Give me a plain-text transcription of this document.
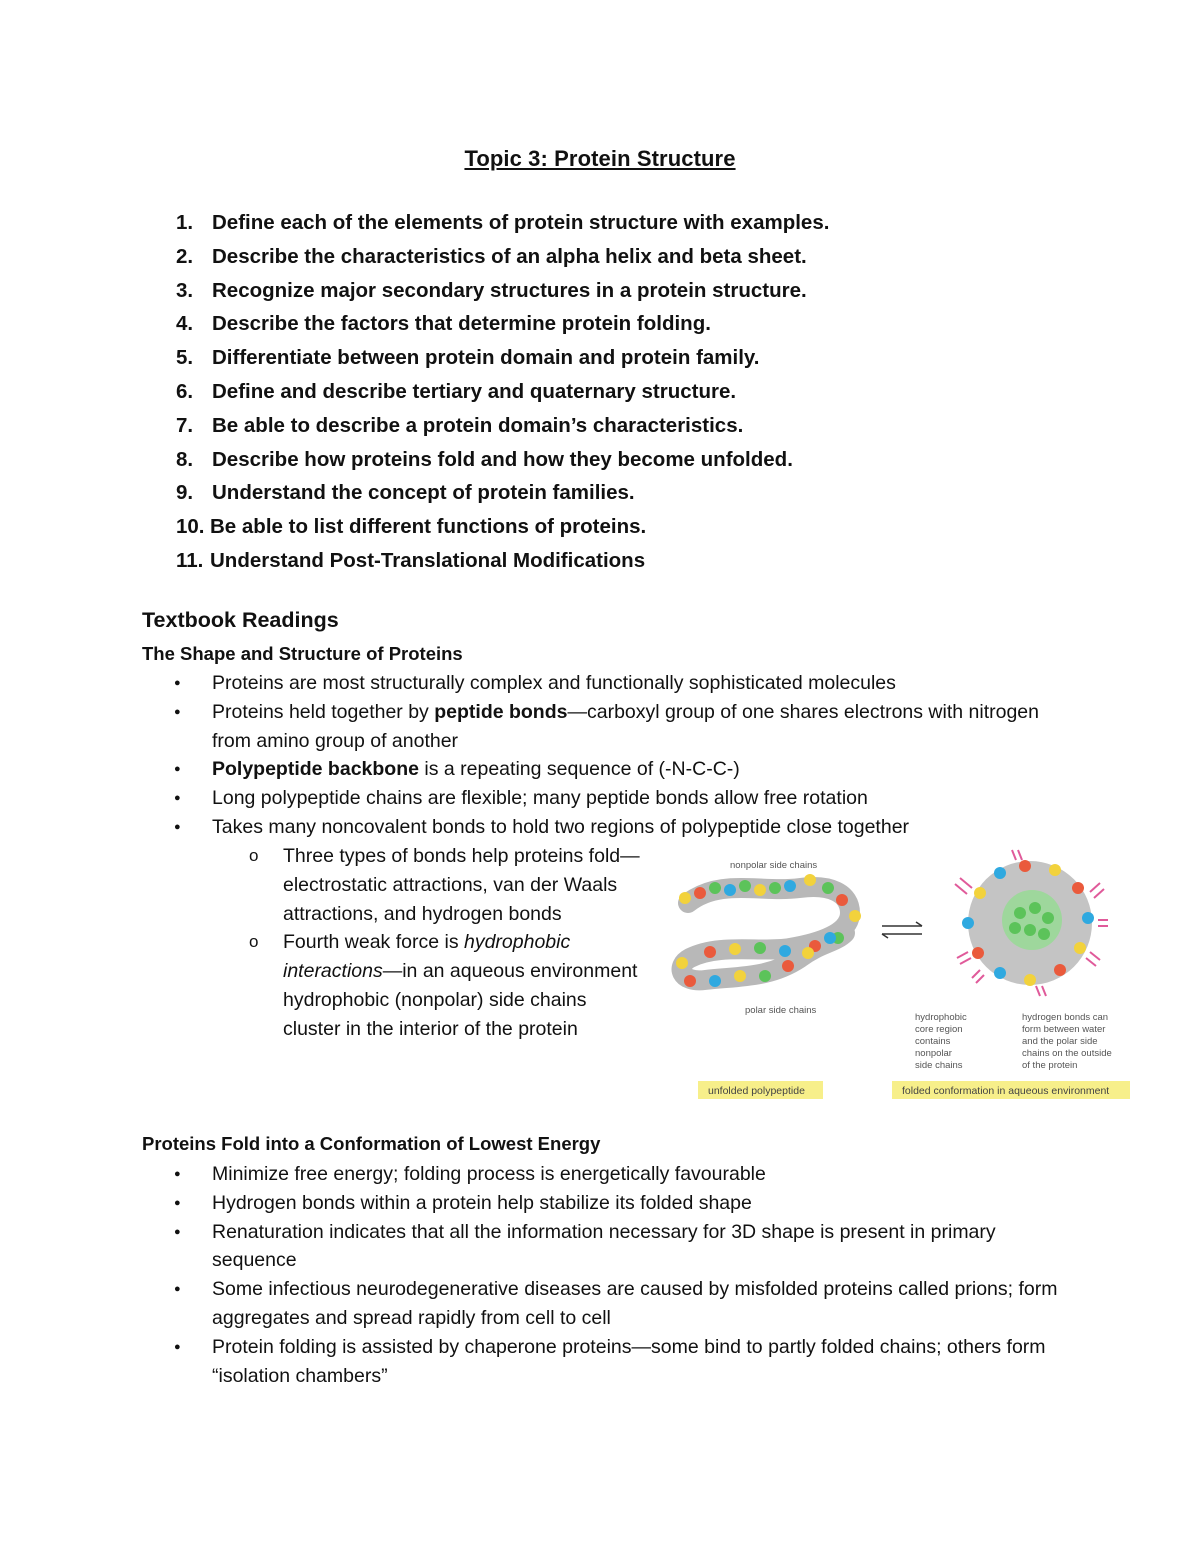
Topic 3: Protein Structure
1. Define each of the elements of protein structure with examples.
2. Describe the characteristics of an alpha helix and beta sheet.
3. Recognize major secondary structures in a protein structure.
4. Describe the factors that determine protein folding.
5. Differentiate between protein domain and protein family.
6. Define and describe tertiary and quaternary structure.
7. Be able to describe a protein domain’s characteristics.
8. Describe how proteins fold and how they become unfolded.
9. Understand the concept of protein families.
10. Be able to list different functions of proteins.
11. Understand Post-Translational Modifications
Textbook Readings
The Shape and Structure of Proteins
● Proteins are most structurally complex and functionally sophisticated molecules
● Proteins held together by peptide bonds—carboxyl group of one shares electrons with nitrogen from amino group of another
● Polypeptide backbone is a repeating sequence of (-N-C-C-)
● Long polypeptide chains are flexible; many peptide bonds allow free rotation
● Takes many noncovalent bonds to hold two regions of polypeptide close together
o Three types of bonds help proteins fold—electrostatic attractions, van der Waals attractions, and hydrogen bonds
o Fourth weak force is hydrophobic interactions—in an aqueous environment hydrophobic (nonpolar) side chains cluster in the interior of the protein
nonpolar side chains
polar side chains
hydrophobic
core region
contains
nonpolar
side chains
hydrogen bonds can
form between water
and the polar side
chains on the outside
of the protein
unfolded polypeptide	folded conformation in aqueous environment
Proteins Fold into a Conformation of Lowest Energy
● Minimize free energy; folding process is energetically favourable
● Hydrogen bonds within a protein help stabilize its folded shape
● Renaturation indicates that all the information necessary for 3D shape is present in primary sequence
● Some infectious neurodegenerative diseases are caused by misfolded proteins called prions; form aggregates and spread rapidly from cell to cell
● Protein folding is assisted by chaperone proteins—some bind to partly folded chains; others form “isolation chambers”
